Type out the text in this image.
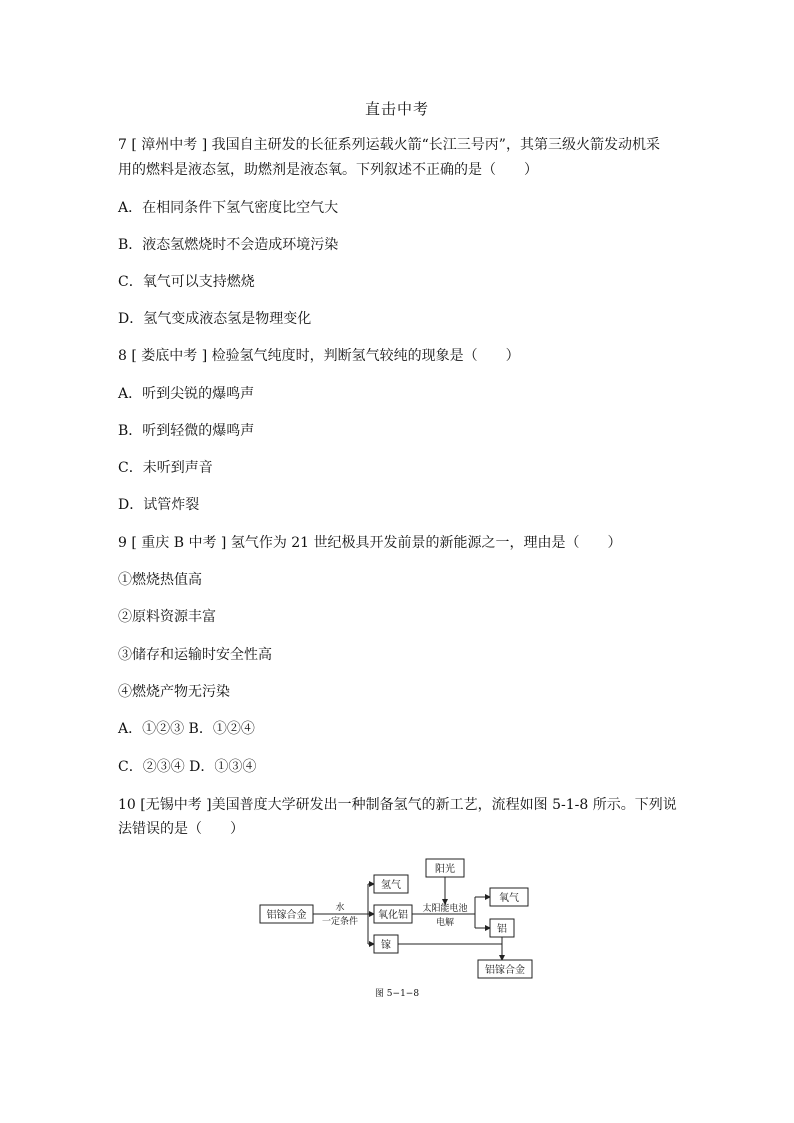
直击中考
7 [ 漳州中考 ] 我国自主研发的长征系列运载火箭“长江三号丙”，其第三级火箭发动机采
用的燃料是液态氢，助燃剂是液态氧。下列叙述不正确的是（　　）
A．在相同条件下氢气密度比空气大
B．液态氢燃烧时不会造成环境污染
C．氧气可以支持燃烧
D．氢气变成液态氢是物理变化
8 [ 娄底中考 ] 检验氢气纯度时，判断氢气较纯的现象是（　　）
A．听到尖锐的爆鸣声
B．听到轻微的爆鸣声
C．未听到声音
D．试管炸裂
9 [ 重庆 B 中考 ] 氢气作为 21 世纪极具开发前景的新能源之一，理由是（　　）
①燃烧热值高
②原料资源丰富
③储存和运输时安全性高
④燃烧产物无污染
A．①②③ B．①②④
C．②③④ D．①③④
10 [无锡中考 ]美国普度大学研发出一种制备氢气的新工艺，流程如图 5-1-8 所示。下列说
法错误的是（　　）
铝镓合金
水
一定条件
氢气
氧化铝
镓
阳光
太阳能电池
电解
氧气
铝
铝镓合金
图 5−1−8
